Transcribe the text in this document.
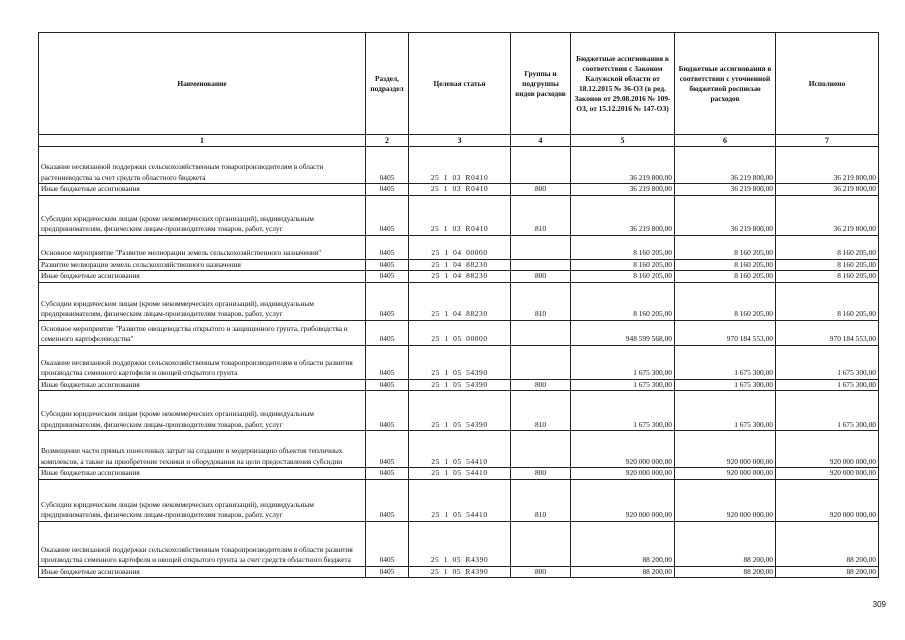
Наименование	Раздел, подраздел	Целевая статья	Группы и подгруппы видов расходов	Бюджетные ассигнования в соответствии с Законом Калужской области от 18.12.2015 № 36-ОЗ (в ред. Законов от 29.08.2016 № 109-ОЗ, от 15.12.2016 № 147-ОЗ)	Бюджетные ассигнования в соответствии с уточненной бюджетной росписью расходов	Исполнено
1	2	3	4	5	6	7
Оказание несвязанной поддержки сельскохозяйственным товаропроизводителям в области растениеводства за счет средств областного бюджета	0405	25 1 03 R0410		36 219 800,00	36 219 800,00	36 219 800,00
Иные бюджетные ассигнования	0405	25 1 03 R0410	800	36 219 800,00	36 219 800,00	36 219 800,00
Субсидии юридическим лицам (кроме некоммерческих организаций), индивидуальным предпринимателям, физическим лицам-производителям товаров, работ, услуг	0405	25 1 03 R0410	810	36 219 800,00	36 219 800,00	36 219 800,00
Основное мероприятие "Развитие мелиорации земель сельскохозяйственного назначения"	0405	25 1 04 00000		8 160 205,00	8 160 205,00	8 160 205,00
Развитие мелиорации земель сельскохозяйственного назначения	0405	25 1 04 88230		8 160 205,00	8 160 205,00	8 160 205,00
Иные бюджетные ассигнования	0405	25 1 04 88230	800	8 160 205,00	8 160 205,00	8 160 205,00
Субсидии юридическим лицам (кроме некоммерческих организаций), индивидуальным предпринимателям, физическим лицам-производителям товаров, работ, услуг	0405	25 1 04 88230	810	8 160 205,00	8 160 205,00	8 160 205,00
Основное мероприятие "Развитие овощеводства открытого и защищенного грунта, грибоводства и семенного картофелеводства"	0405	25 1 05 00000		948 599 568,00	970 184 553,00	970 184 553,00
Оказание несвязанной поддержки сельскохозяйственным товаропроизводителям в области развития производства семенного картофеля и овощей открытого грунта	0405	25 1 05 54390		1 675 300,00	1 675 300,00	1 675 300,00
Иные бюджетные ассигнования	0405	25 1 05 54390	800	1 675 300,00	1 675 300,00	1 675 300,00
Субсидии юридическим лицам (кроме некоммерческих организаций), индивидуальным предпринимателям, физическим лицам-производителям товаров, работ, услуг	0405	25 1 05 54390	810	1 675 300,00	1 675 300,00	1 675 300,00
Возмещение части прямых понесенных затрат на создание и модернизацию объектов тепличных комплексов, а также на приобретение техники и оборудования на цели предоставления субсидии	0405	25 1 05 54410		920 000 000,00	920 000 000,00	920 000 000,00
Иные бюджетные ассигнования	0405	25 1 05 54410	800	920 000 000,00	920 000 000,00	920 000 000,00
Субсидии юридическим лицам (кроме некоммерческих организаций), индивидуальным предпринимателям, физическим лицам-производителям товаров, работ, услуг	0405	25 1 05 54410	810	920 000 000,00	920 000 000,00	920 000 000,00
Оказание несвязанной поддержки сельскохозяйственным товаропроизводителям в области развития производства семенного картофеля и овощей открытого грунта за счет средств областного бюджета	0405	25 1 05 R4390		88 200,00	88 200,00	88 200,00
Иные бюджетные ассигнования	0405	25 1 05 R4390	800	88 200,00	88 200,00	88 200,00
309
